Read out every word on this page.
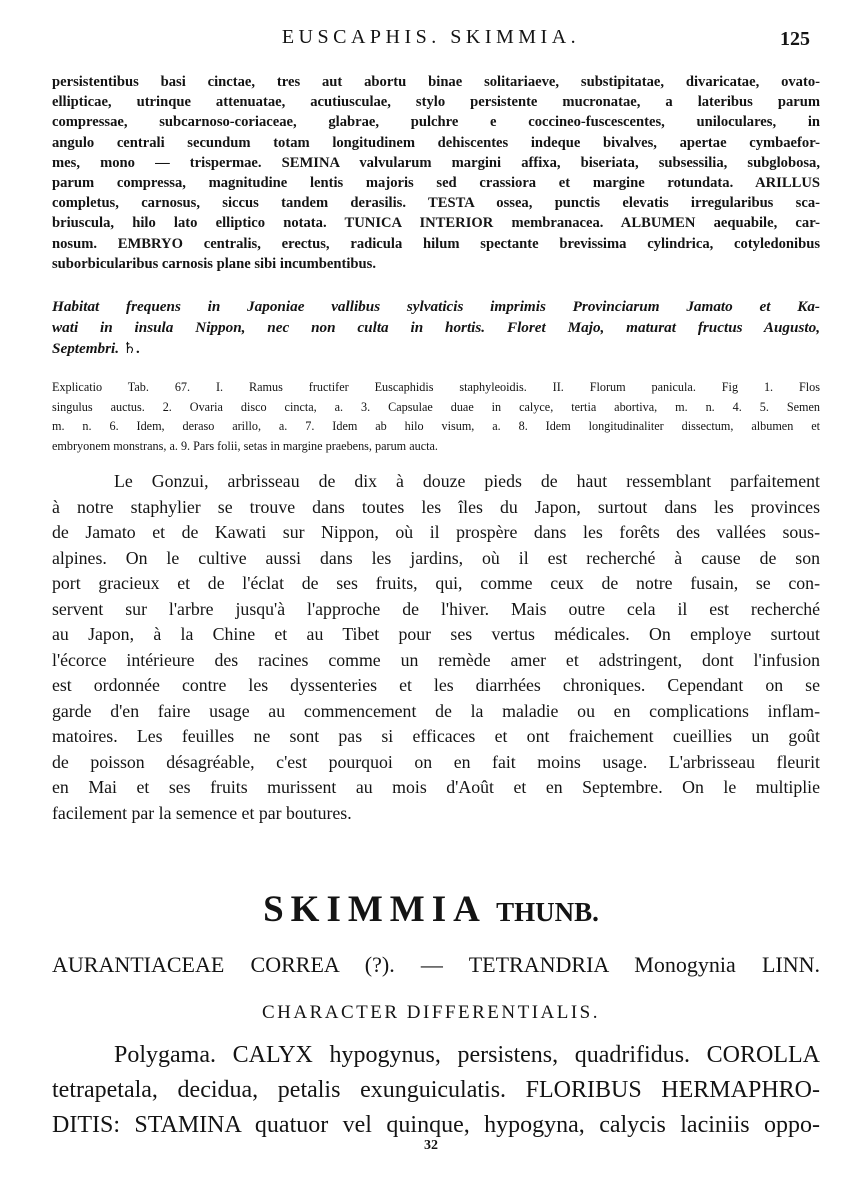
EUSCAPHIS. SKIMMIA.	125
persistentibus basi cinctae, tres aut abortu binae solitariaeve, substipitatae, divaricatae, ovato-
ellipticae, utrinque attenuatae, acutiusculae, stylo persistente mucronatae, a lateribus parum
compressae, subcarnoso-coriaceae, glabrae, pulchre e coccineo-fuscescentes, uniloculares, in
angulo centrali secundum totam longitudinem dehiscentes indeque bivalves, apertae cymbaefor-
mes, mono — trispermae. SEMINA valvularum margini affixa, biseriata, subsessilia, subglobosa,
parum compressa, magnitudine lentis majoris sed crassiora et margine rotundata. ARILLUS
completus, carnosus, siccus tandem derasilis. TESTA ossea, punctis elevatis irregularibus sca-
briuscula, hilo lato elliptico notata. TUNICA INTERIOR membranacea. ALBUMEN aequabile, car-
nosum. EMBRYO centralis, erectus, radicula hilum spectante brevissima cylindrica, cotyledonibus
suborbicularibus carnosis plane sibi incumbentibus.
Habitat frequens in Japoniae vallibus sylvaticis imprimis Provinciarum Jamato et Ka-
wati in insula Nippon, nec non culta in hortis. Floret Majo, maturat fructus Augusto,
Septembri. ♄.
Explicatio Tab. 67. I. Ramus fructifer Euscaphidis staphyleoidis. II. Florum panicula. Fig 1. Flos
singulus auctus. 2. Ovaria disco cincta, a. 3. Capsulae duae in calyce, tertia abortiva, m. n. 4. 5. Semen
m. n. 6. Idem, deraso arillo, a. 7. Idem ab hilo visum, a. 8. Idem longitudinaliter dissectum, albumen et
embryonem monstrans, a. 9. Pars folii, setas in margine praebens, parum aucta.
Le Gonzui, arbrisseau de dix à douze pieds de haut ressemblant parfaitement
à notre staphylier se trouve dans toutes les îles du Japon, surtout dans les provinces
de Jamato et de Kawati sur Nippon, où il prospère dans les forêts des vallées sous-
alpines. On le cultive aussi dans les jardins, où il est recherché à cause de son
port gracieux et de l'éclat de ses fruits, qui, comme ceux de notre fusain, se con-
servent sur l'arbre jusqu'à l'approche de l'hiver. Mais outre cela il est recherché
au Japon, à la Chine et au Tibet pour ses vertus médicales. On employe surtout
l'écorce intérieure des racines comme un remède amer et adstringent, dont l'infusion
est ordonnée contre les dyssenteries et les diarrhées chroniques. Cependant on se
garde d'en faire usage au commencement de la maladie ou en complications inflam-
matoires. Les feuilles ne sont pas si efficaces et ont fraichement cueillies un goût
de poisson désagréable, c'est pourquoi on en fait moins usage. L'arbrisseau fleurit
en Mai et ses fruits murissent au mois d'Août et en Septembre. On le multiplie
facilement par la semence et par boutures.
SKIMMIA THUNB.
AURANTIACEAE CORREA (?). — TETRANDRIA Monogynia LINN.
CHARACTER DIFFERENTIALIS.
Polygama. CALYX hypogynus, persistens, quadrifidus. COROLLA
tetrapetala, decidua, petalis exunguiculatis. FLORIBUS HERMAPHRO-
DITIS: STAMINA quatuor vel quinque, hypogyna, calycis laciniis oppo-
32
